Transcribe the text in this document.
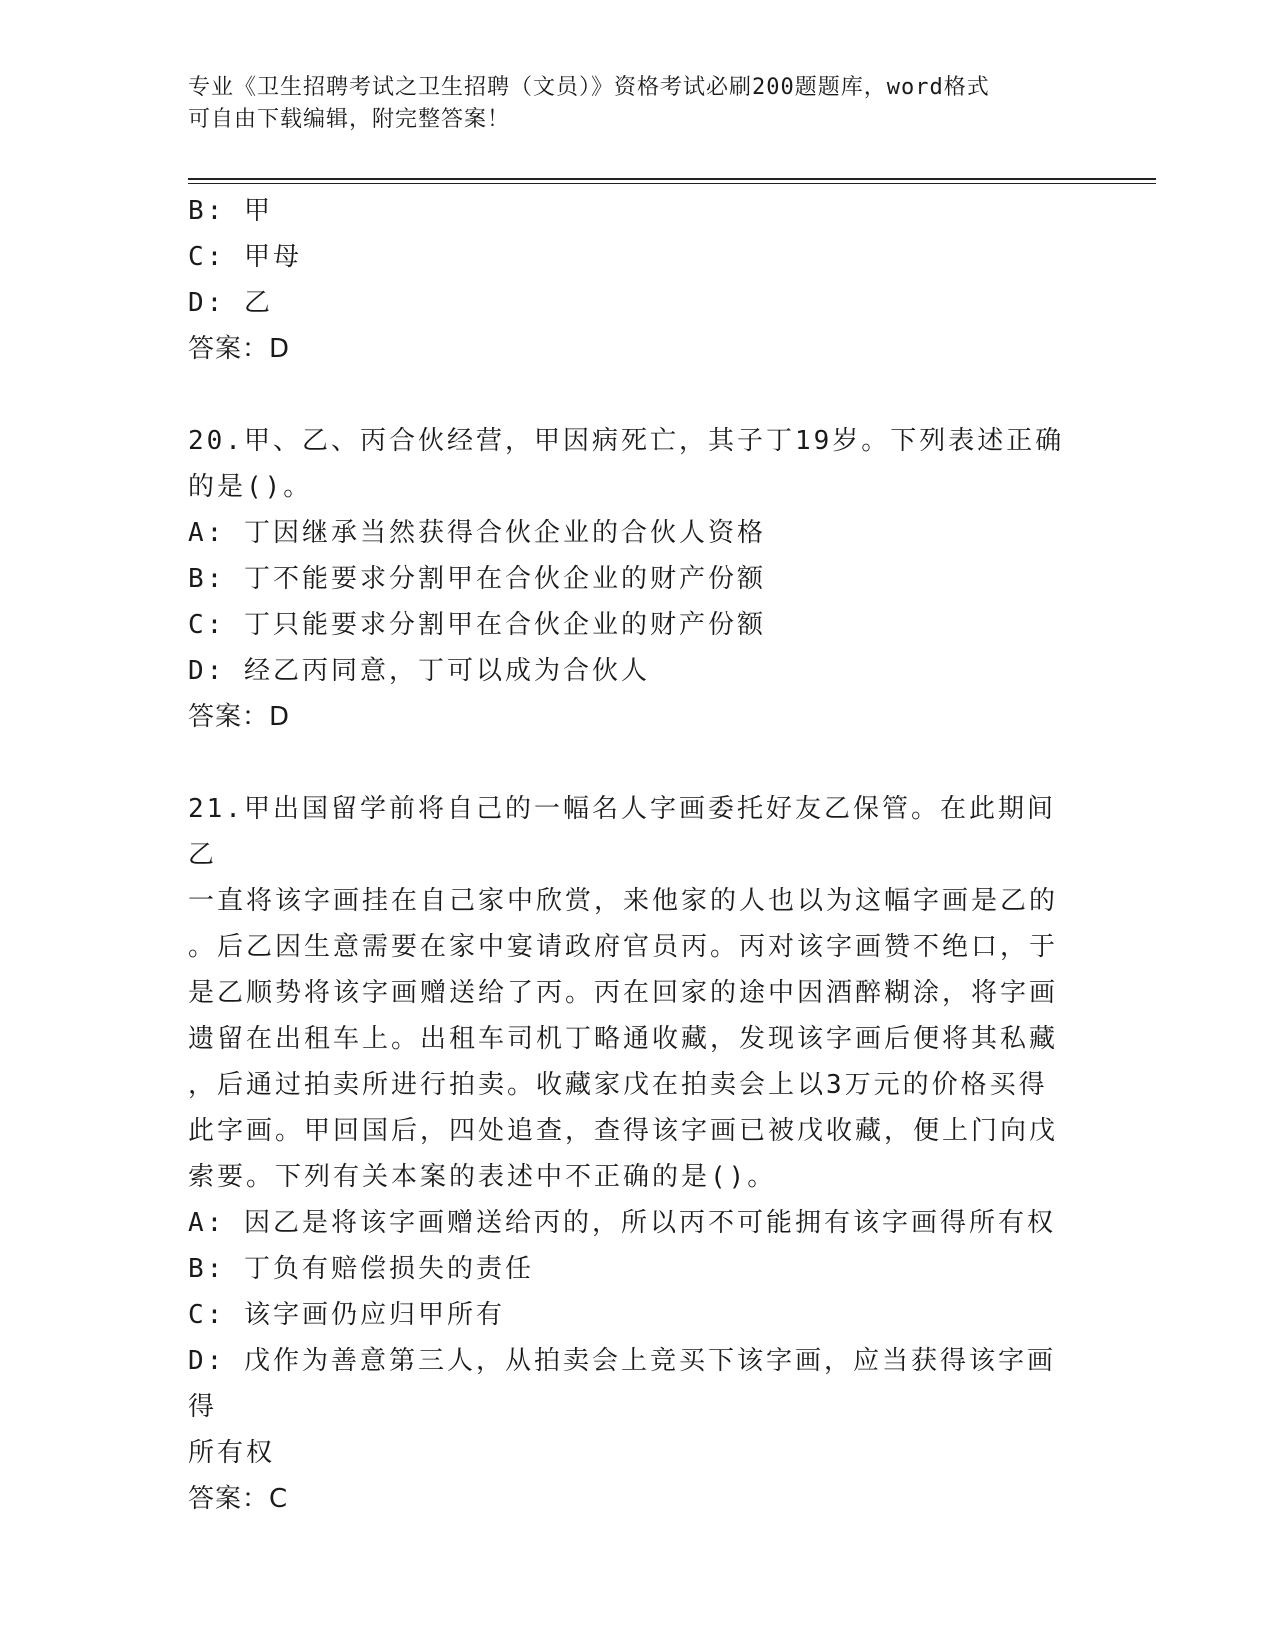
专业《卫生招聘考试之卫生招聘（文员）》资格考试必刷200题题库，word格式
可自由下载编辑，附完整答案！
B: 甲
C: 甲母
D: 乙
答案：D
20.甲、乙、丙合伙经营，甲因病死亡，其子丁19岁。下列表述正确
的是()。
A: 丁因继承当然获得合伙企业的合伙人资格
B: 丁不能要求分割甲在合伙企业的财产份额
C: 丁只能要求分割甲在合伙企业的财产份额
D: 经乙丙同意，丁可以成为合伙人
答案：D
21.甲出国留学前将自己的一幅名人字画委托好友乙保管。在此期间乙
一直将该字画挂在自己家中欣赏，来他家的人也以为这幅字画是乙的
。后乙因生意需要在家中宴请政府官员丙。丙对该字画赞不绝口，于
是乙顺势将该字画赠送给了丙。丙在回家的途中因酒醉糊涂，将字画
遗留在出租车上。出租车司机丁略通收藏，发现该字画后便将其私藏
，后通过拍卖所进行拍卖。收藏家戊在拍卖会上以3万元的价格买得
此字画。甲回国后，四处追查，查得该字画已被戊收藏，便上门向戊
索要。下列有关本案的表述中不正确的是()。
A: 因乙是将该字画赠送给丙的，所以丙不可能拥有该字画得所有权
B: 丁负有赔偿损失的责任
C: 该字画仍应归甲所有
D: 戊作为善意第三人，从拍卖会上竞买下该字画，应当获得该字画得
所有权
答案：C
